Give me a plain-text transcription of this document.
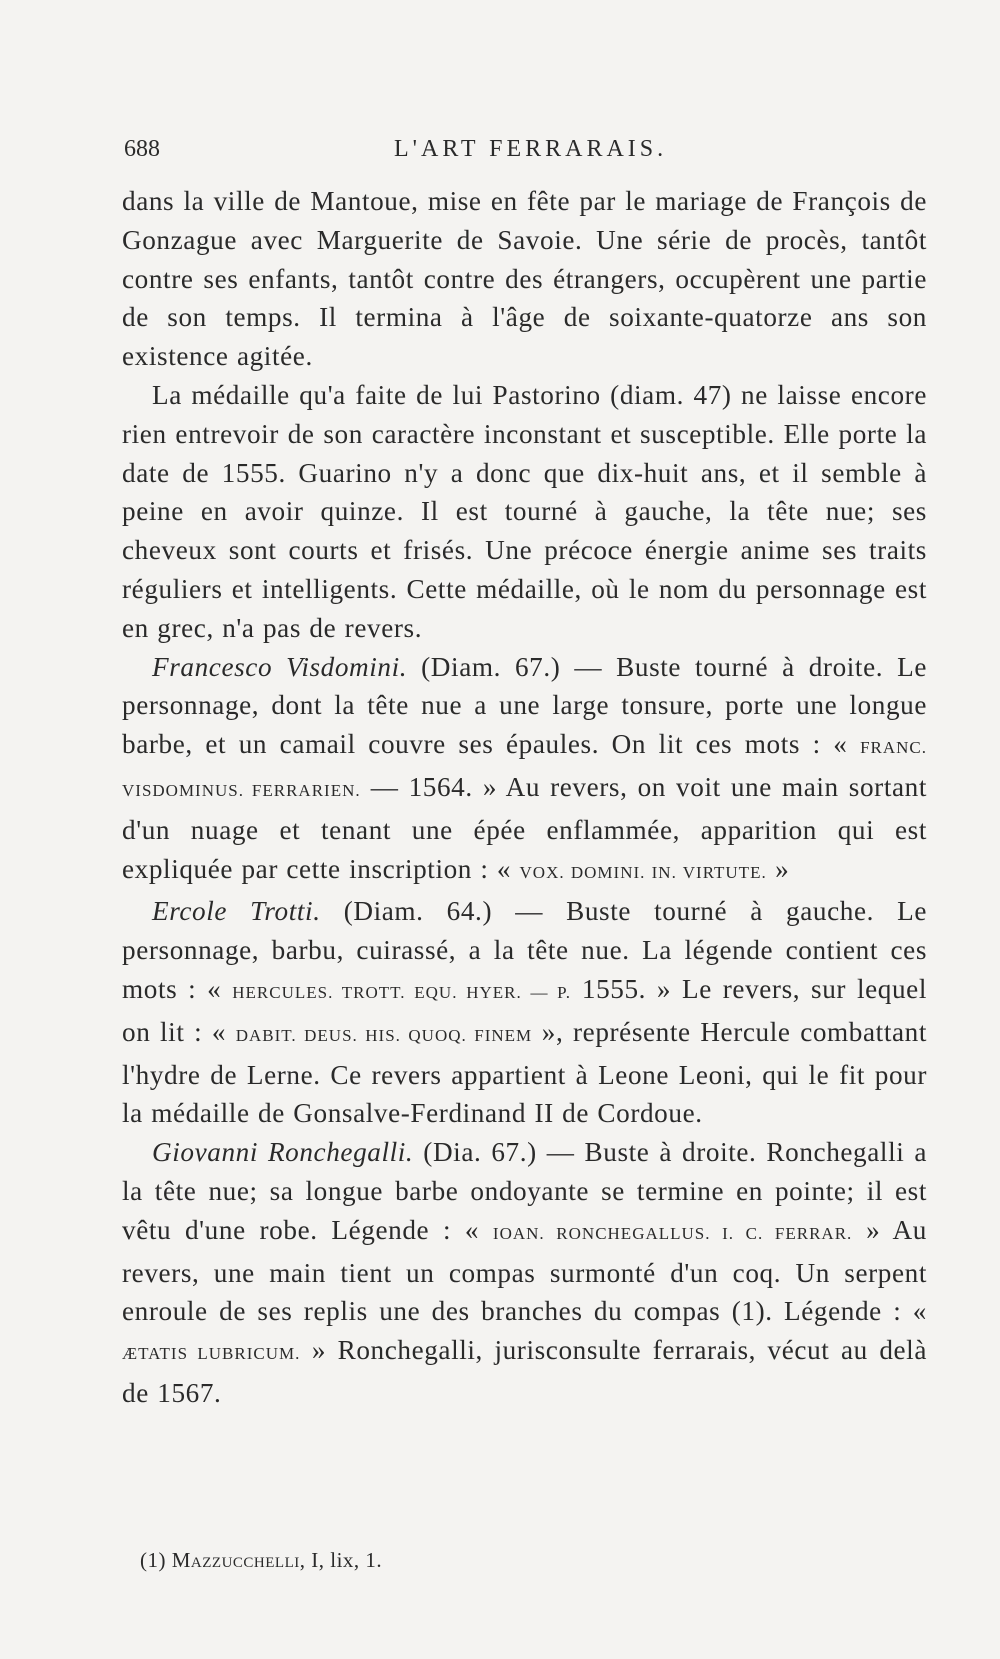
688	L'ART FERRARAIS.

dans la ville de Mantoue, mise en fête par le mariage de François de Gonzague avec Marguerite de Savoie. Une série de procès, tantôt contre ses enfants, tantôt contre des étrangers, occupèrent une partie de son temps. Il termina à l'âge de soixante-quatorze ans son existence agitée.

La médaille qu'a faite de lui Pastorino (diam. 47) ne laisse encore rien entrevoir de son caractère inconstant et susceptible. Elle porte la date de 1555. Guarino n'y a donc que dix-huit ans, et il semble à peine en avoir quinze. Il est tourné à gauche, la tête nue; ses cheveux sont courts et frisés. Une précoce énergie anime ses traits réguliers et intelligents. Cette médaille, où le nom du personnage est en grec, n'a pas de revers.

Francesco Visdomini. (Diam. 67.) — Buste tourné à droite. Le personnage, dont la tête nue a une large tonsure, porte une longue barbe, et un camail couvre ses épaules. On lit ces mots : « FRANC. VISDOMINUS. FERRARIEN. — 1564. » Au revers, on voit une main sortant d'un nuage et tenant une épée enflammée, apparition qui est expliquée par cette inscription : « VOX. DOMINI. IN. VIRTUTE. »

Ercole Trotti. (Diam. 64.) — Buste tourné à gauche. Le personnage, barbu, cuirassé, a la tête nue. La légende contient ces mots : « HERCULES. TROTT. EQU. HYER. — P. 1555. » Le revers, sur lequel on lit : « DABIT. DEUS. HIS. QUOQ. FINEM », représente Hercule combattant l'hydre de Lerne. Ce revers appartient à Leone Leoni, qui le fit pour la médaille de Gonsalve-Ferdinand II de Cordoue.

Giovanni Ronchegalli. (Dia. 67.) — Buste à droite. Ronchegalli a la tête nue; sa longue barbe ondoyante se termine en pointe; il est vêtu d'une robe. Légende : « IOAN. RONCHEGALLUS. I. C. FERRAR. » Au revers, une main tient un compas surmonté d'un coq. Un serpent enroule de ses replis une des branches du compas (1). Légende : « ÆTATIS LUBRICUM. » Ronchegalli, jurisconsulte ferrarais, vécut au delà de 1567.

(1) Mazzucchelli, I, lix, 1.
